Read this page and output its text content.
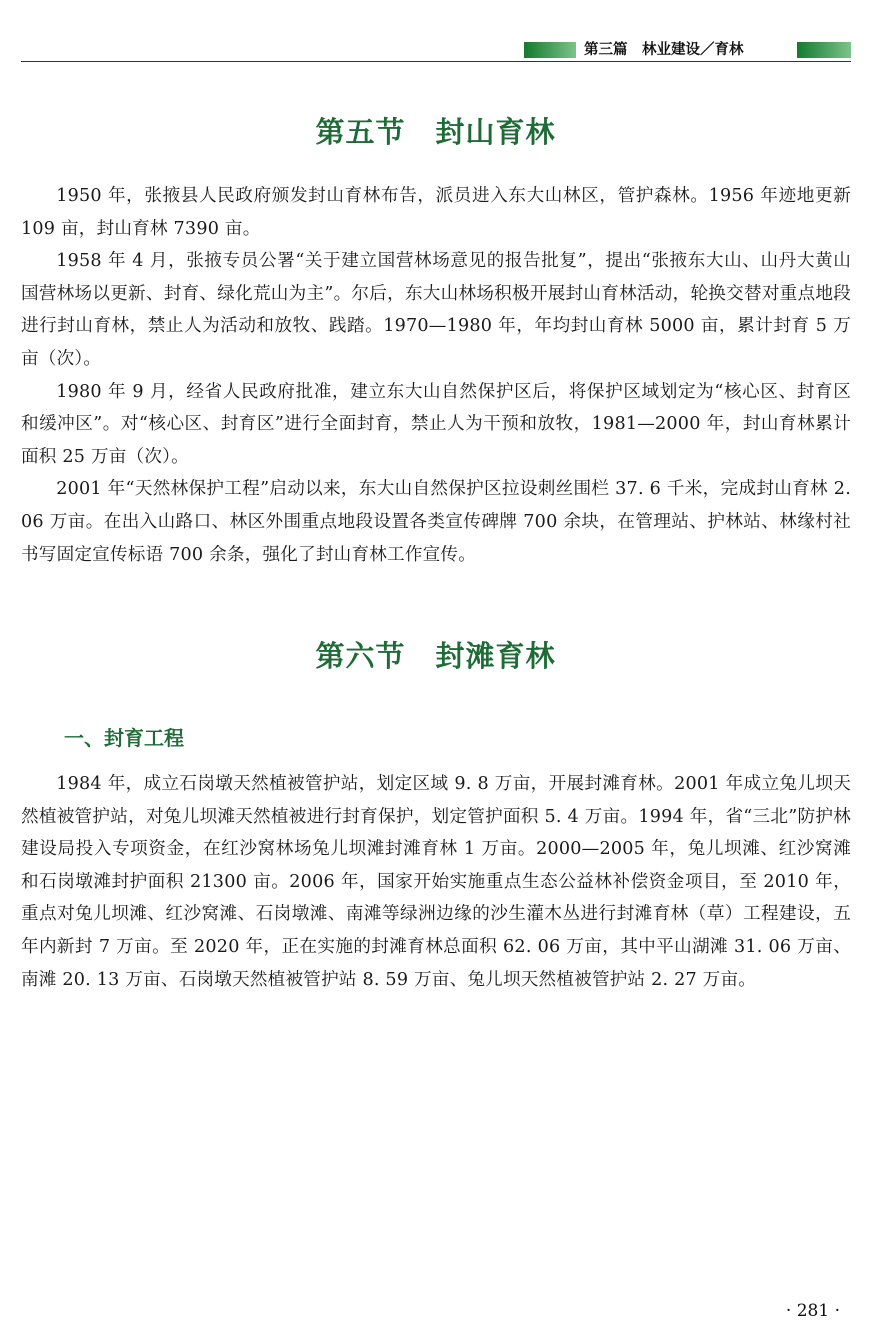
第三篇　林业建设／育林
第五节 封山育林

1950 年，张掖县人民政府颁发封山育林布告，派员进入东大山林区，管护森林。1956 年迹地更新 109 亩，封山育林 7390 亩。

1958 年 4 月，张掖专员公署“关于建立国营林场意见的报告批复”，提出“张掖东大山、山丹大黄山国营林场以更新、封育、绿化荒山为主”。尔后，东大山林场积极开展封山育林活动，轮换交替对重点地段进行封山育林，禁止人为活动和放牧、践踏。1970—1980 年，年均封山育林 5000 亩，累计封育 5 万亩（次）。

1980 年 9 月，经省人民政府批准，建立东大山自然保护区后，将保护区域划定为“核心区、封育区和缓冲区”。对“核心区、封育区”进行全面封育，禁止人为干预和放牧，1981—2000 年，封山育林累计面积 25 万亩（次）。

2001 年“天然林保护工程”启动以来，东大山自然保护区拉设刺丝围栏 37. 6 千米，完成封山育林 2. 06 万亩。在出入山路口、林区外围重点地段设置各类宣传碑牌 700 余块，在管理站、护林站、林缘村社书写固定宣传标语 700 余条，强化了封山育林工作宣传。

第六节 封滩育林
一、封育工程

1984 年，成立石岗墩天然植被管护站，划定区域 9. 8 万亩，开展封滩育林。2001 年成立兔儿坝天然植被管护站，对兔儿坝滩天然植被进行封育保护，划定管护面积 5. 4 万亩。1994 年，省“三北”防护林建设局投入专项资金，在红沙窝林场兔儿坝滩封滩育林 1 万亩。2000—2005 年，兔儿坝滩、红沙窝滩和石岗墩滩封护面积 21300 亩。2006 年，国家开始实施重点生态公益林补偿资金项目，至 2010 年，重点对兔儿坝滩、红沙窝滩、石岗墩滩、南滩等绿洲边缘的沙生灌木丛进行封滩育林（草）工程建设，五年内新封 7 万亩。至 2020 年，正在实施的封滩育林总面积 62. 06 万亩，其中平山湖滩 31. 06 万亩、南滩 20. 13 万亩、石岗墩天然植被管护站 8. 59 万亩、兔儿坝天然植被管护站 2. 27 万亩。

· 281 ·
